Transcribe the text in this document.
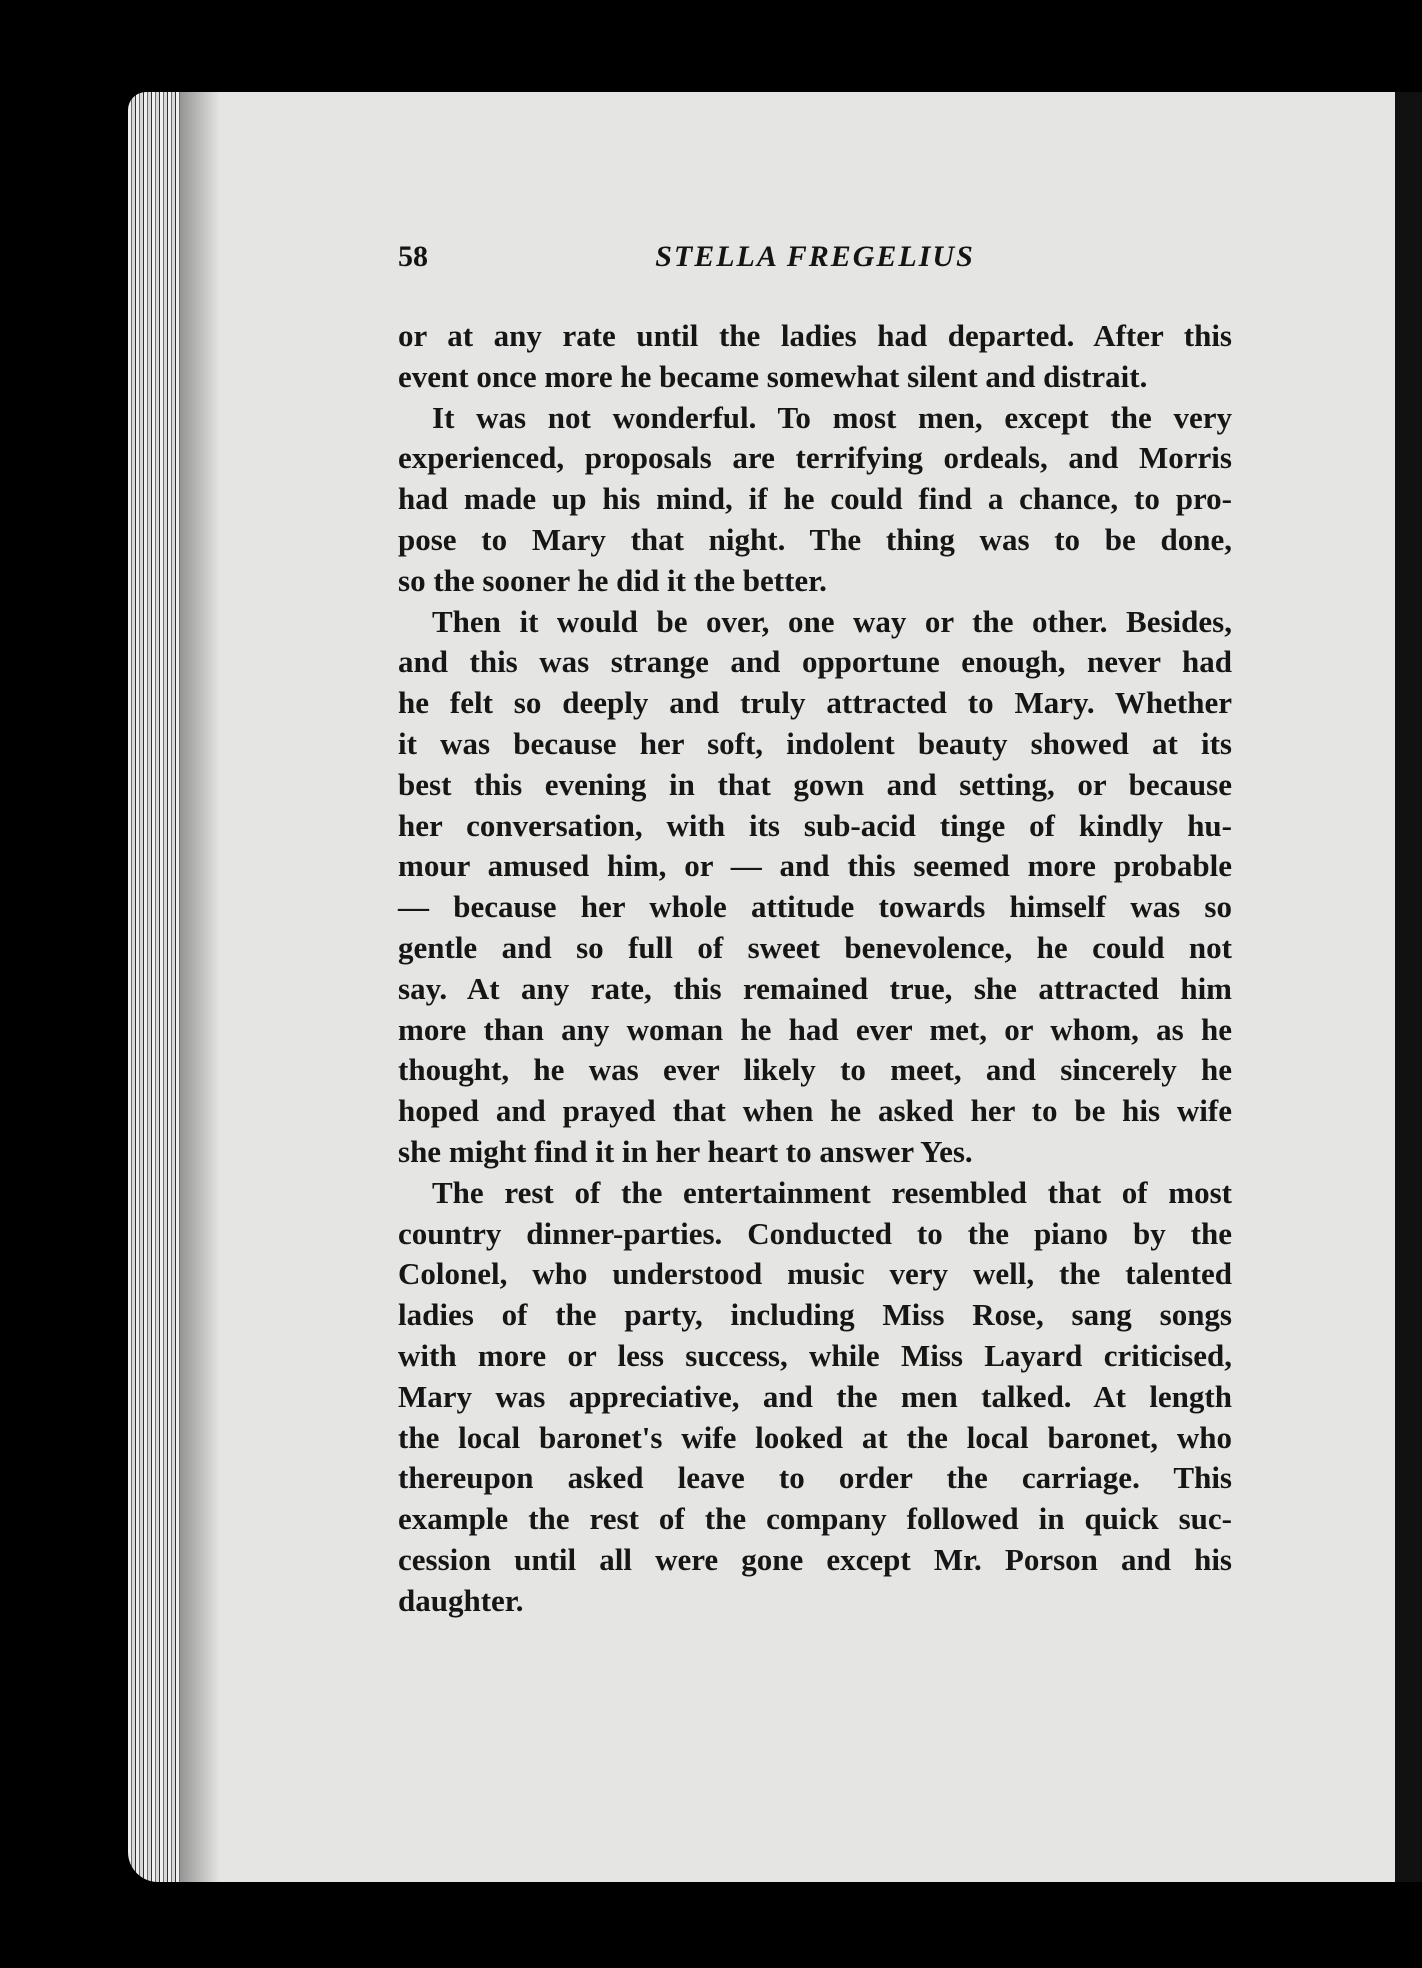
58	STELLA FREGELIUS
or at any rate until the ladies had departed. After this
event once more he became somewhat silent and distrait.
It was not wonderful. To most men, except the very
experienced, proposals are terrifying ordeals, and Morris
had made up his mind, if he could find a chance, to pro-
pose to Mary that night. The thing was to be done,
so the sooner he did it the better.
Then it would be over, one way or the other. Besides,
and this was strange and opportune enough, never had
he felt so deeply and truly attracted to Mary. Whether
it was because her soft, indolent beauty showed at its
best this evening in that gown and setting, or because
her conversation, with its sub-acid tinge of kindly hu-
mour amused him, or — and this seemed more probable
— because her whole attitude towards himself was so
gentle and so full of sweet benevolence, he could not
say. At any rate, this remained true, she attracted him
more than any woman he had ever met, or whom, as he
thought, he was ever likely to meet, and sincerely he
hoped and prayed that when he asked her to be his wife
she might find it in her heart to answer Yes.
The rest of the entertainment resembled that of most
country dinner-parties. Conducted to the piano by the
Colonel, who understood music very well, the talented
ladies of the party, including Miss Rose, sang songs
with more or less success, while Miss Layard criticised,
Mary was appreciative, and the men talked. At length
the local baronet's wife looked at the local baronet, who
thereupon asked leave to order the carriage. This
example the rest of the company followed in quick suc-
cession until all were gone except Mr. Porson and his
daughter.
